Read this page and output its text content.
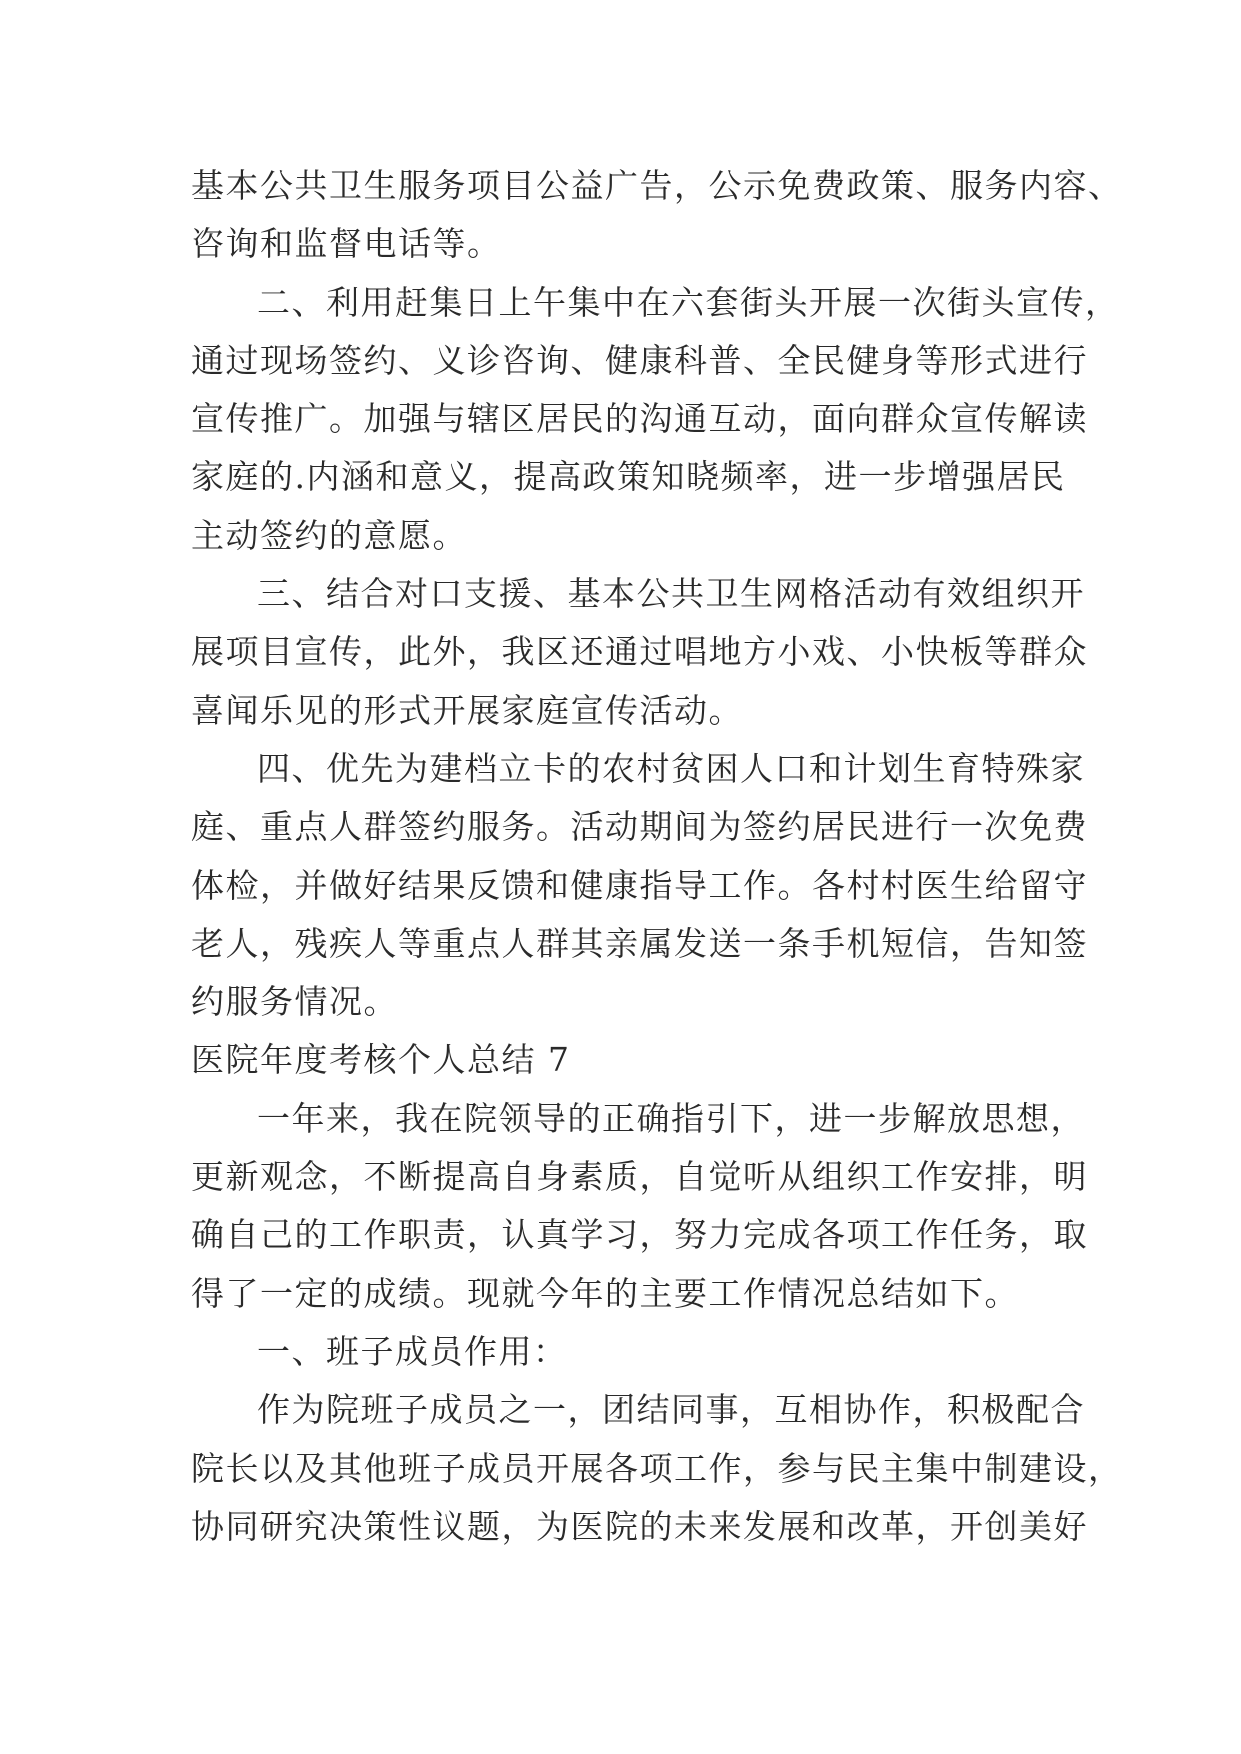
基本公共卫生服务项目公益广告，公示免费政策、服务内容、
咨询和监督电话等。
二、利用赶集日上午集中在六套街头开展一次街头宣传，
通过现场签约、义诊咨询、健康科普、全民健身等形式进行
宣传推广。加强与辖区居民的沟通互动，面向群众宣传解读
家庭的.内涵和意义，提高政策知晓频率，进一步增强居民
主动签约的意愿。
三、结合对口支援、基本公共卫生网格活动有效组织开
展项目宣传，此外，我区还通过唱地方小戏、小快板等群众
喜闻乐见的形式开展家庭宣传活动。
四、优先为建档立卡的农村贫困人口和计划生育特殊家
庭、重点人群签约服务。活动期间为签约居民进行一次免费
体检，并做好结果反馈和健康指导工作。各村村医生给留守
老人，残疾人等重点人群其亲属发送一条手机短信，告知签
约服务情况。
医院年度考核个人总结 7
一年来，我在院领导的正确指引下，进一步解放思想，
更新观念，不断提高自身素质，自觉听从组织工作安排，明
确自己的工作职责，认真学习，努力完成各项工作任务，取
得了一定的成绩。现就今年的主要工作情况总结如下。
一、班子成员作用：
作为院班子成员之一，团结同事，互相协作，积极配合
院长以及其他班子成员开展各项工作，参与民主集中制建设，
协同研究决策性议题，为医院的未来发展和改革，开创美好
